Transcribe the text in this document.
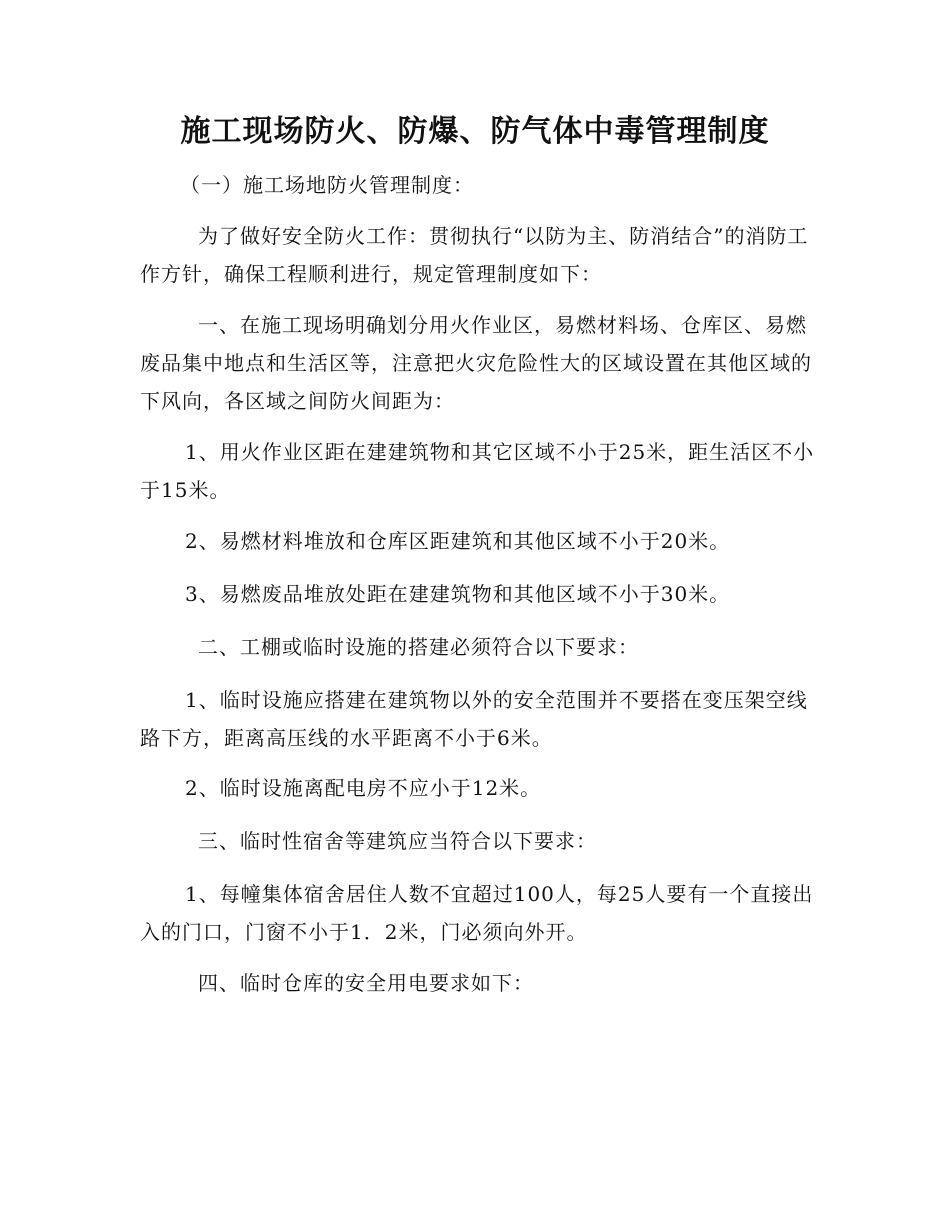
施工现场防火、防爆、防气体中毒管理制度

（一）施工场地防火管理制度：

为了做好安全防火工作：贯彻执行“以防为主、防消结合”的消防工作方针，确保工程顺利进行，规定管理制度如下：

一、在施工现场明确划分用火作业区，易燃材料场、仓库区、易燃废品集中地点和生活区等，注意把火灾危险性大的区域设置在其他区域的下风向，各区域之间防火间距为：

1、用火作业区距在建建筑物和其它区域不小于25米，距生活区不小于15米。

2、易燃材料堆放和仓库区距建筑和其他区域不小于20米。

3、易燃废品堆放处距在建建筑物和其他区域不小于30米。

二、工棚或临时设施的搭建必须符合以下要求：

1、临时设施应搭建在建筑物以外的安全范围并不要搭在变压架空线路下方，距离高压线的水平距离不小于6米。

2、临时设施离配电房不应小于12米。

三、临时性宿舍等建筑应当符合以下要求：

1、每幢集体宿舍居住人数不宜超过100人，每25人要有一个直接出入的门口，门窗不小于1．2米，门必须向外开。

四、临时仓库的安全用电要求如下：
